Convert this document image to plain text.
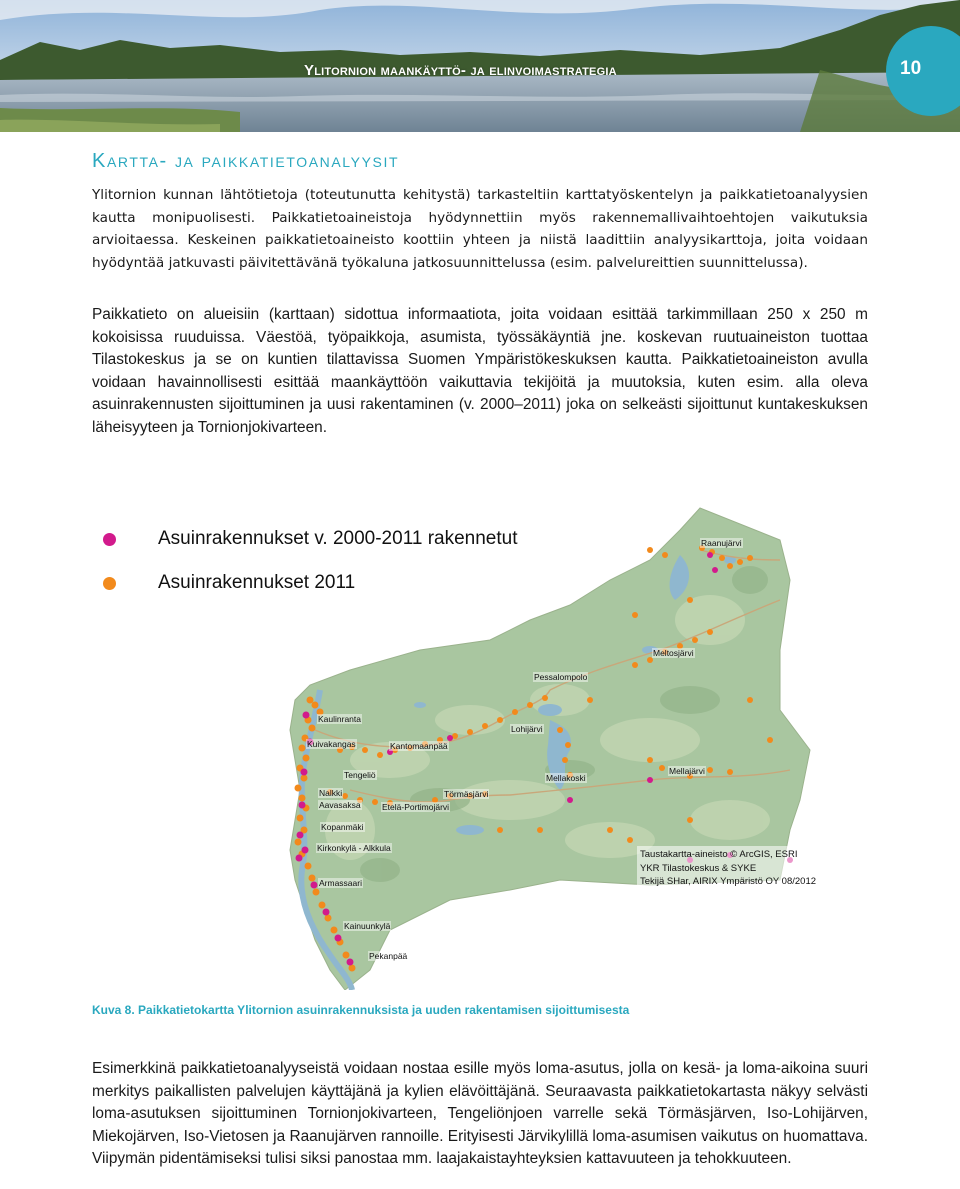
Ylitornion maankäyttö- ja elinvoimastrategia	10
Kartta- ja paikkatietoanalyysit

Ylitornion kunnan lähtötietoja (toteutunutta kehitystä) tarkasteltiin karttatyöskentelyn ja paikkatietoanalyysien kautta monipuolisesti. Paikkatietoaineistoja hyödynnettiin myös rakennemallivaihtoehtojen vaikutuksia arvioitaessa. Keskeinen paikkatietoaineisto koottiin yhteen ja niistä laadittiin analyysikarttoja, joita voidaan hyödyntää jatkuvasti päivitettävänä työkaluna jatkosuunnittelussa (esim. palvelureittien suunnittelussa).

Paikkatieto on alueisiin (karttaan) sidottua informaatiota, joita voidaan esittää tarkimmillaan 250 x 250 m kokoisissa ruuduissa. Väestöä, työpaikkoja, asumista, työssäkäyntiä jne. koskevan ruutuaineiston tuottaa Tilastokeskus ja se on kuntien tilattavissa Suomen Ympäristökeskuksen kautta. Paikkatietoaineiston avulla voidaan havainnollisesti esittää maankäyttöön vaikuttavia tekijöitä ja muutoksia, kuten esim. alla oleva asuinrakennusten sijoittuminen ja uusi rakentaminen (v. 2000–2011) joka on selkeästi sijoittunut kuntakeskuksen läheisyyteen ja Tornionjokivarteen.

Asuinrakennukset v. 2000-2011 rakennetut
Asuinrakennukset 2011
Raanujärvi
Meltosjärvi
Pessalompolo
Kaulinranta
Lohijärvi
Kuivakangas	Kantomaanpää
Tengeliö	Mellakoski
Mellajärvi
Törmäsjärvi
Nalkki
Aavasaksa	Etelä-Portimojärvi
Kopanmäki
Kirkonkylä - Alkkula
Armassaari
Kainuunkylä
Pekanpää
Taustakartta-aineisto © ArcGIS, ESRI
YKR Tilastokeskus & SYKE
Tekijä SHar, AIRIX Ympäristö OY 08/2012
Kuva 8. Paikkatietokartta Ylitornion asuinrakennuksista ja uuden rakentamisen sijoittumisesta

Esimerkkinä paikkatietoanalyyseistä voidaan nostaa esille myös loma-asutus, jolla on kesä- ja loma-aikoina suuri merkitys paikallisten palvelujen käyttäjänä ja kylien elävöittäjänä. Seuraavasta paikkatietokartasta näkyy selvästi loma-asutuksen sijoittuminen Tornionjokivarteen, Tengeliönjoen varrelle sekä Törmäsjärven, Iso-Lohijärven, Miekojärven, Iso-Vietosen ja Raanujärven rannoille. Erityisesti Järvikylillä loma-asumisen vaikutus on huomattava. Viipymän pidentämiseksi tulisi siksi panostaa mm. laajakaistayhteyksien kattavuuteen ja tehokkuuteen.
